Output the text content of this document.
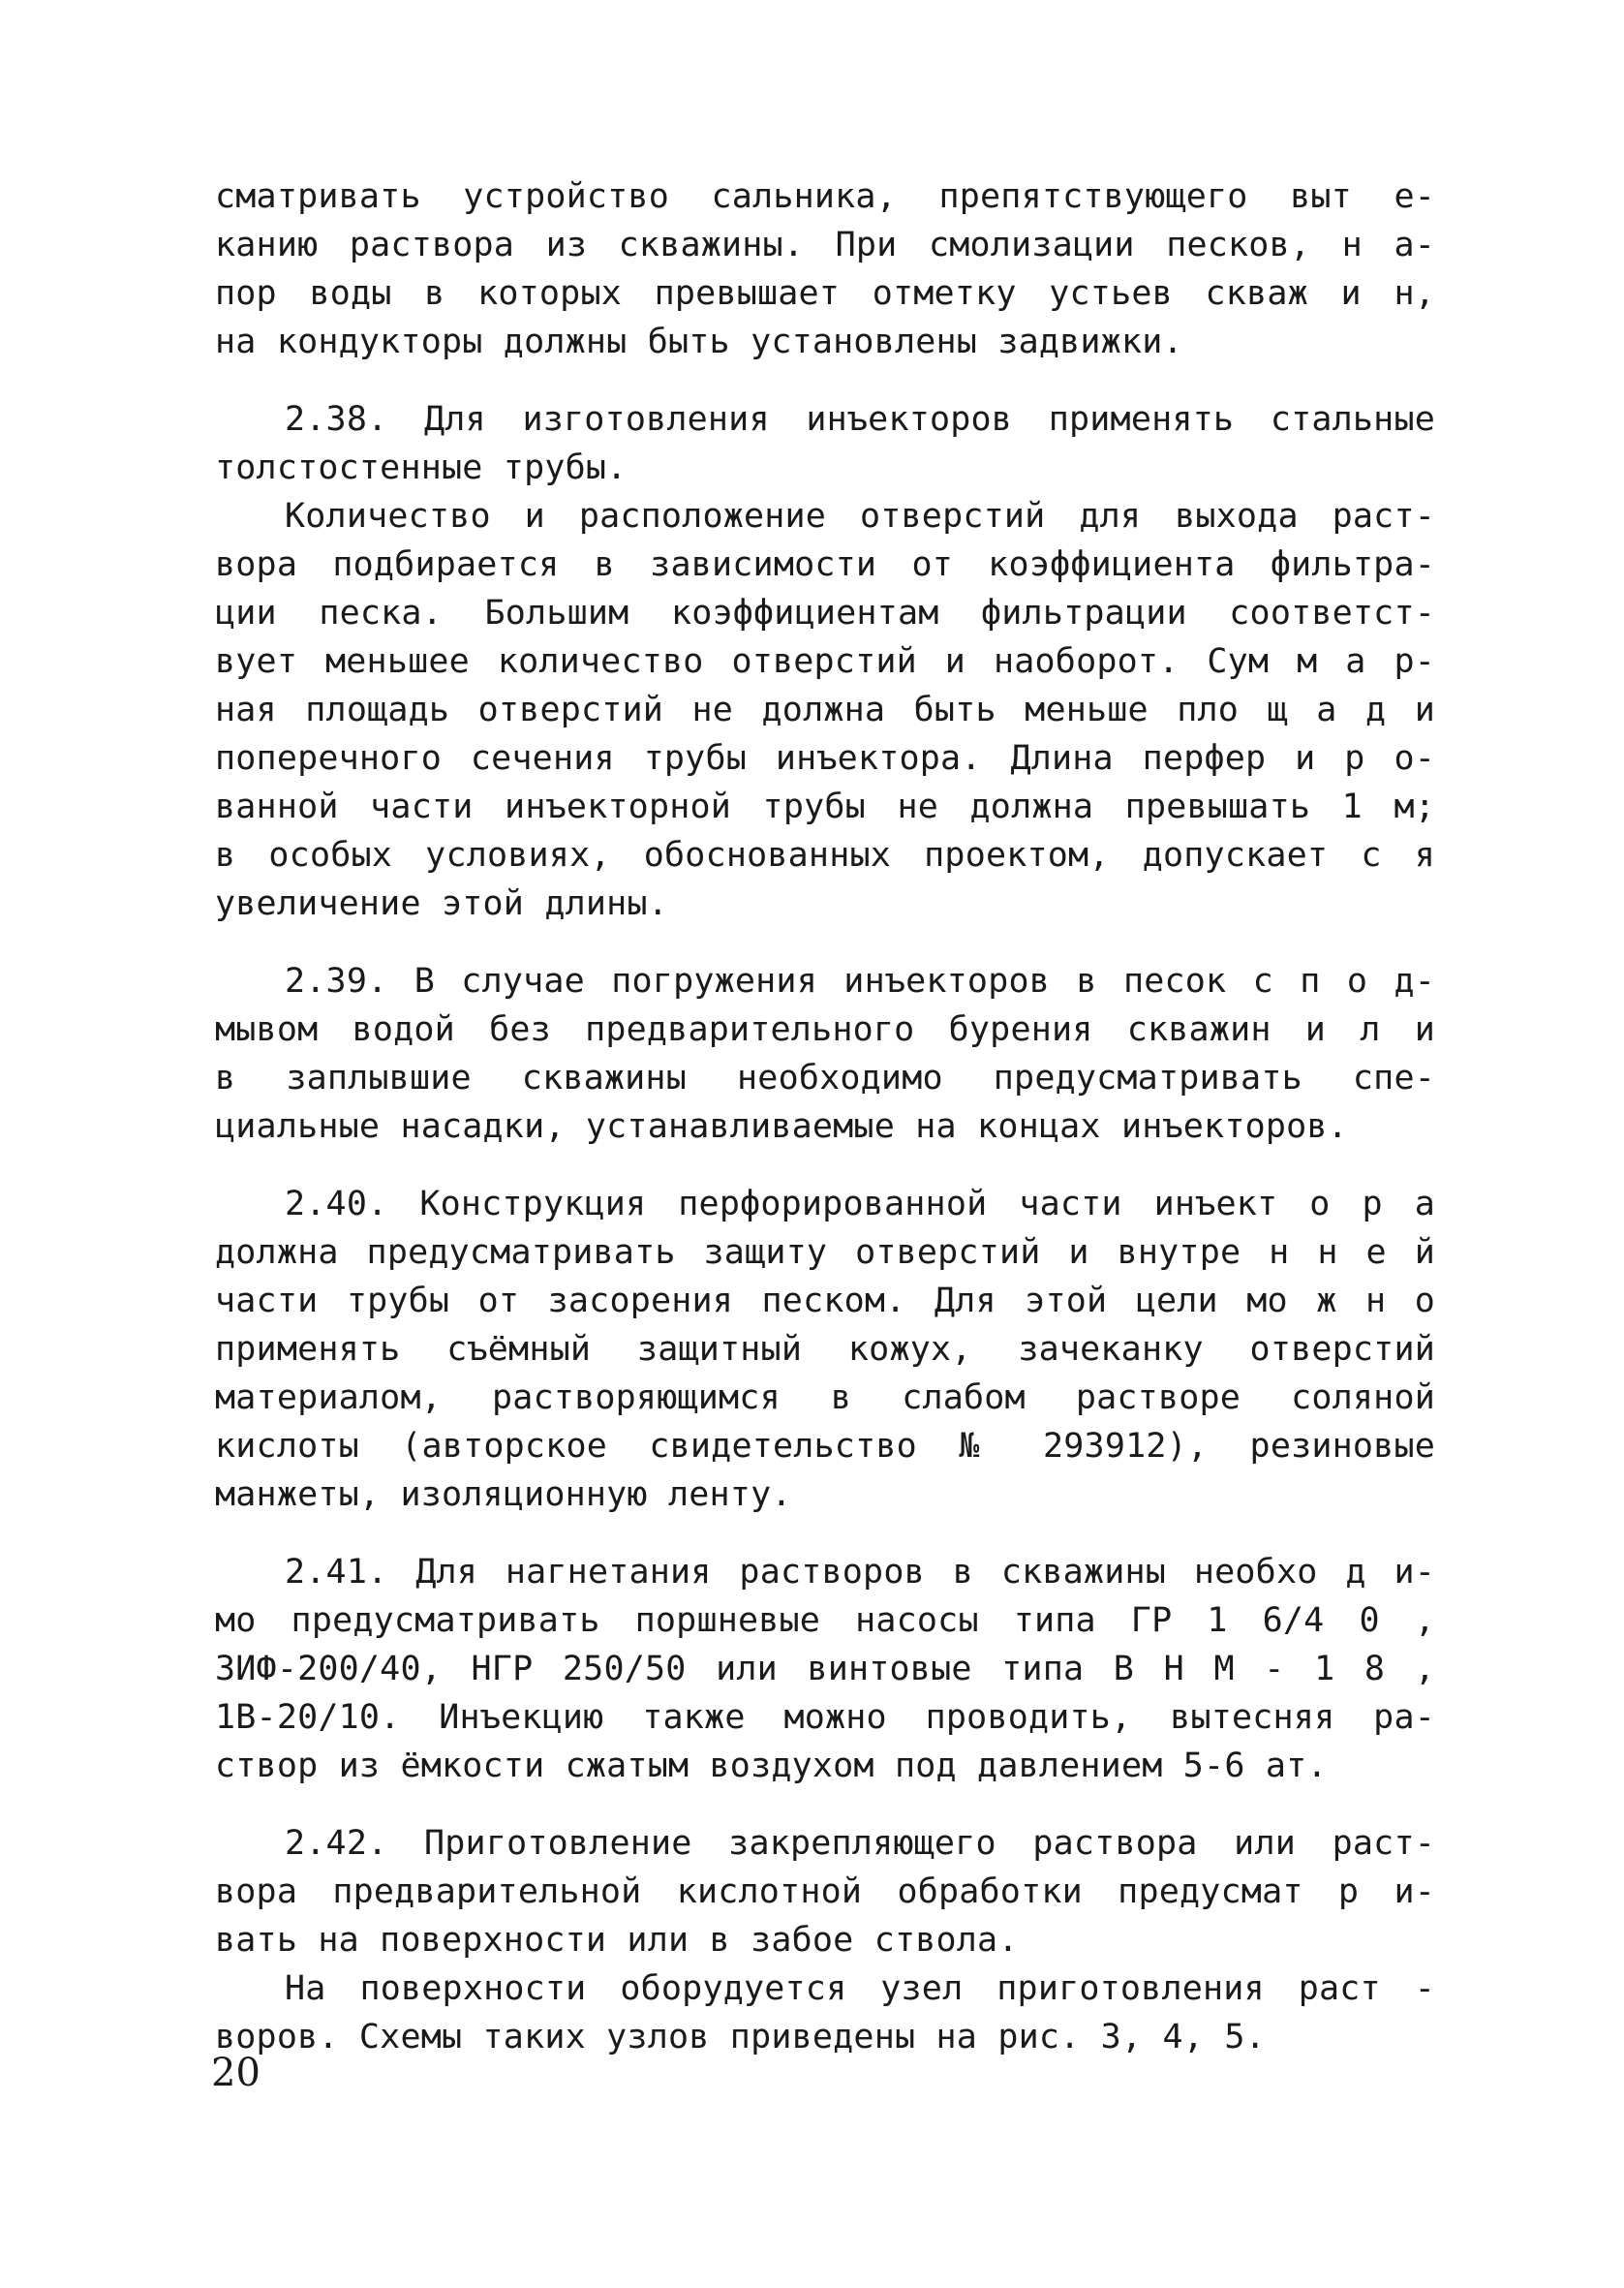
сматривать устройство сальника, препятствующего выт е-
канию раствора из скважины. При смолизации песков, н а-
пор воды в которых превышает отметку устьев скваж и н,
на кондукторы должны быть установлены задвижки.
2.38. Для изготовления инъекторов применять стальные
толстостенные трубы.
Количество и расположение отверстий для выхода раст-
вора подбирается в зависимости от коэффициента фильтра-
ции песка. Большим коэффициентам фильтрации соответст-
вует меньшее количество отверстий и наоборот. Сум м а р-
ная площадь отверстий не должна быть меньше пло щ а д и
поперечного сечения трубы инъектора. Длина перфер и р о-
ванной части инъекторной трубы не должна превышать 1 м;
в особых условиях, обоснованных проектом, допускает с я
увеличение этой длины.
2.39. В случае погружения инъекторов в песок с п о д-
мывом водой без предварительного бурения скважин и л и
в заплывшие скважины необходимо предусматривать спе-
циальные насадки, устанавливаемые на концах инъекторов.
2.40. Конструкция перфорированной части инъект о р а
должна предусматривать защиту отверстий и внутре н н е й
части трубы от засорения песком. Для этой цели мо ж н о
применять съёмный защитный кожух, зачеканку отверстий
материалом, растворяющимся в слабом растворе соляной
кислоты (авторское свидетельство № 293912), резиновые
манжеты, изоляционную ленту.
2.41. Для нагнетания растворов в скважины необхо д и-
мо предусматривать поршневые насосы типа ГР 1 6/4 0 ,
ЗИФ-200/40, НГР 250/50 или винтовые типа В Н М - 1 8 ,
1В-20/10. Инъекцию также можно проводить, вытесняя ра-
створ из ёмкости сжатым воздухом под давлением 5-6 ат.
2.42. Приготовление закрепляющего раствора или раст-
вора предварительной кислотной обработки предусмат р и-
вать на поверхности или в забое ствола.
На поверхности оборудуется узел приготовления раст -
воров. Схемы таких узлов приведены на рис. 3, 4, 5.
20
